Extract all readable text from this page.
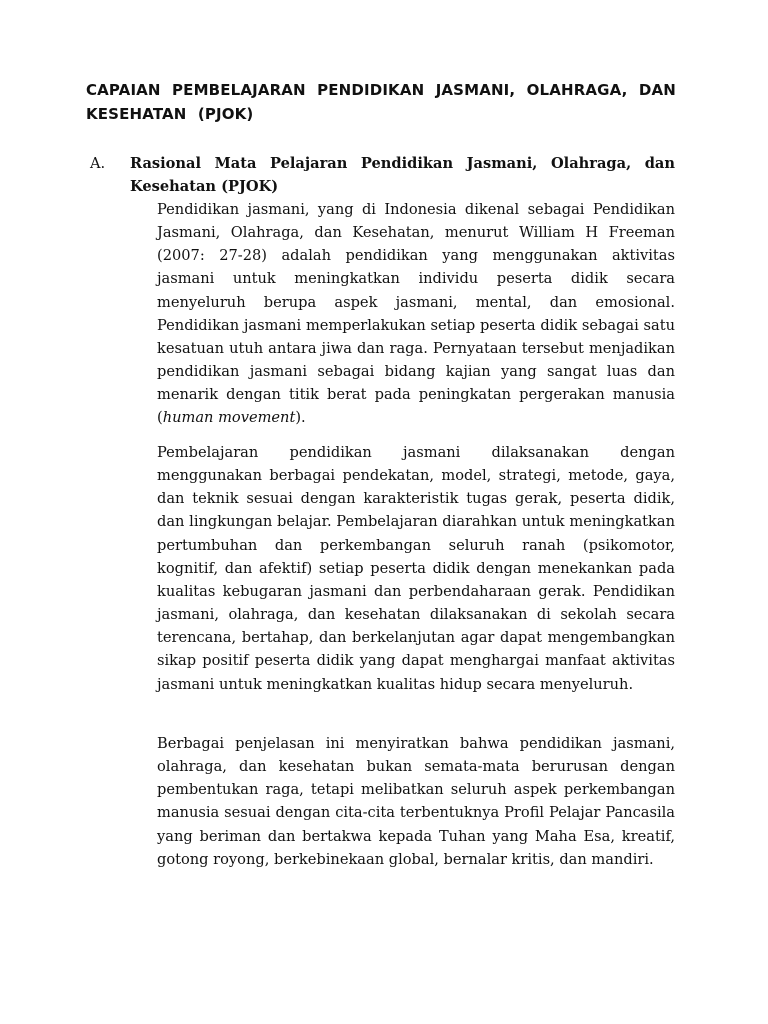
CAPAIAN PEMBELAJARAN PENDIDIKAN JASMANI, OLAHRAGA, DAN KESEHATAN (PJOK)
A.	Rasional Mata Pelajaran Pendidikan Jasmani, Olahraga, dan Kesehatan (PJOK)

Pendidikan jasmani, yang di Indonesia dikenal sebagai Pendidikan Jasmani, Olahraga, dan Kesehatan, menurut William H Freeman (2007: 27-28) adalah pendidikan yang menggunakan aktivitas jasmani untuk meningkatkan individu peserta didik secara menyeluruh berupa aspek jasmani, mental, dan emosional. Pendidikan jasmani memperlakukan setiap peserta didik sebagai satu kesatuan utuh antara jiwa dan raga. Pernyataan tersebut menjadikan pendidikan jasmani sebagai bidang kajian yang sangat luas dan menarik dengan titik berat pada peningkatan pergerakan manusia (human movement).

Pembelajaran pendidikan jasmani dilaksanakan dengan menggunakan berbagai pendekatan, model, strategi, metode, gaya, dan teknik sesuai dengan karakteristik tugas gerak, peserta didik, dan lingkungan belajar. Pembelajaran diarahkan untuk meningkatkan pertumbuhan dan perkembangan seluruh ranah (psikomotor, kognitif, dan afektif) setiap peserta didik dengan menekankan pada kualitas kebugaran jasmani dan perbendaharaan gerak. Pendidikan jasmani, olahraga, dan kesehatan dilaksanakan di sekolah secara terencana, bertahap, dan berkelanjutan agar dapat mengembangkan sikap positif peserta didik yang dapat menghargai manfaat aktivitas jasmani untuk meningkatkan kualitas hidup secara menyeluruh.

Berbagai penjelasan ini menyiratkan bahwa pendidikan jasmani, olahraga, dan kesehatan bukan semata-mata berurusan dengan pembentukan raga, tetapi melibatkan seluruh aspek perkembangan manusia sesuai dengan cita-cita terbentuknya Profil Pelajar Pancasila yang beriman dan bertakwa kepada Tuhan yang Maha Esa, kreatif, gotong royong, berkebinekaan global, bernalar kritis, dan mandiri.
